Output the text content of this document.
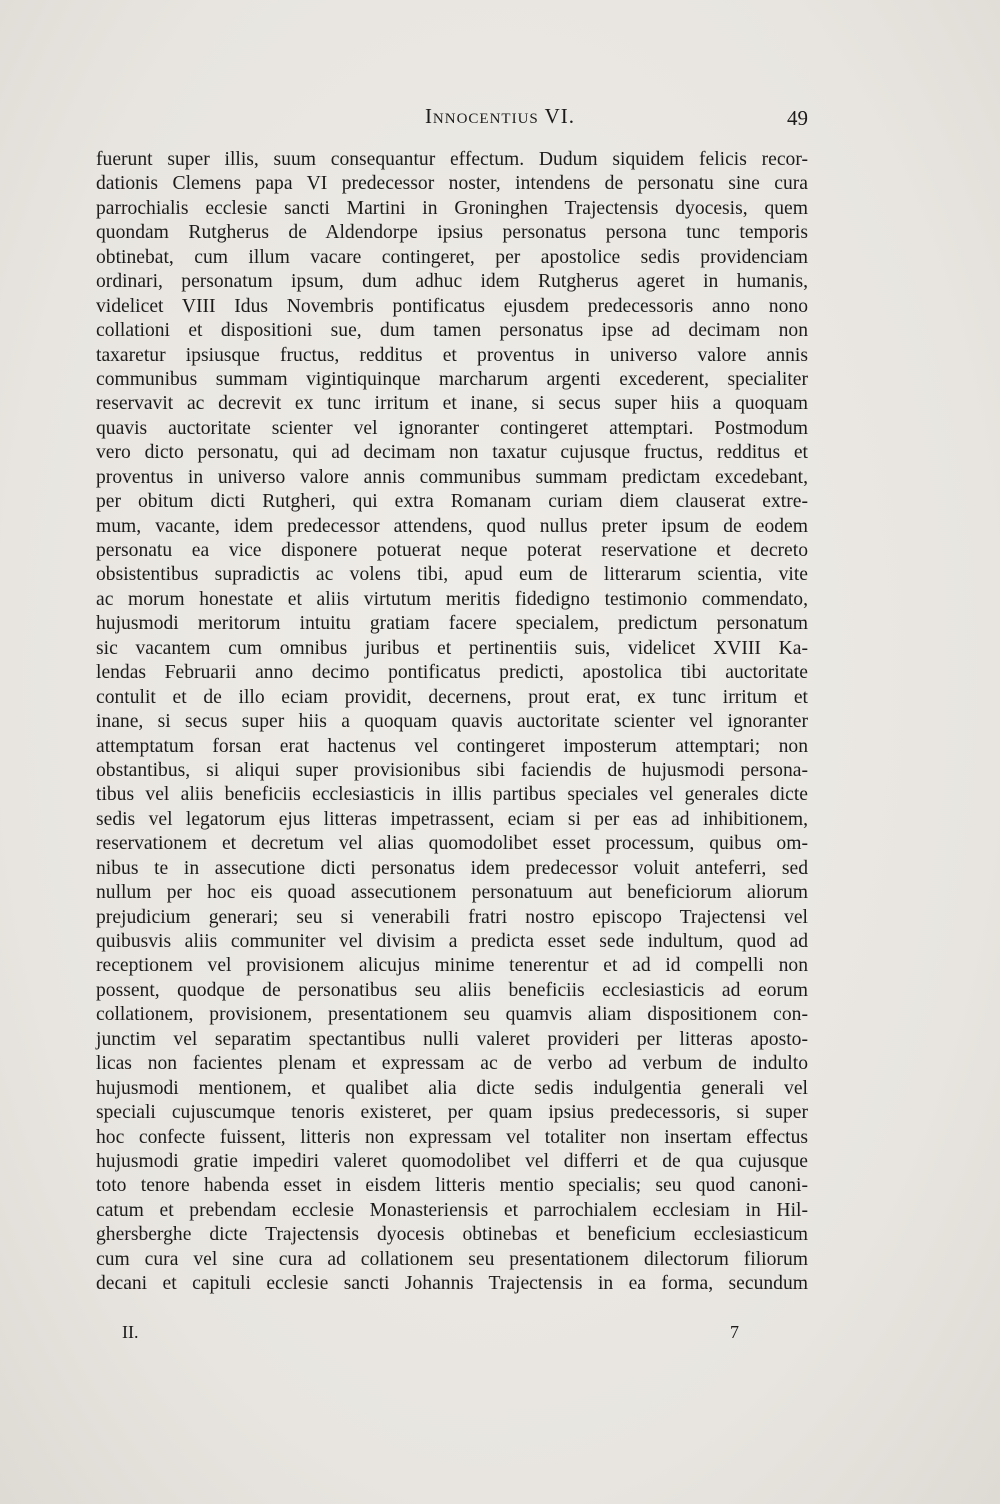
Innocentius VI.	49
fuerunt super illis, suum consequantur effectum. Dudum siquidem felicis recor-
dationis Clemens papa VI predecessor noster, intendens de personatu sine cura
parrochialis ecclesie sancti Martini in Groninghen Trajectensis dyocesis, quem
quondam Rutgherus de Aldendorpe ipsius personatus persona tunc temporis
obtinebat, cum illum vacare contingeret, per apostolice sedis providenciam
ordinari, personatum ipsum, dum adhuc idem Rutgherus ageret in humanis,
videlicet VIII Idus Novembris pontificatus ejusdem predecessoris anno nono
collationi et dispositioni sue, dum tamen personatus ipse ad decimam non
taxaretur ipsiusque fructus, redditus et proventus in universo valore annis
communibus summam vigintiquinque marcharum argenti excederent, specialiter
reservavit ac decrevit ex tunc irritum et inane, si secus super hiis a quoquam
quavis auctoritate scienter vel ignoranter contingeret attemptari. Postmodum
vero dicto personatu, qui ad decimam non taxatur cujusque fructus, redditus et
proventus in universo valore annis communibus summam predictam excedebant,
per obitum dicti Rutgheri, qui extra Romanam curiam diem clauserat extre-
mum, vacante, idem predecessor attendens, quod nullus preter ipsum de eodem
personatu ea vice disponere potuerat neque poterat reservatione et decreto
obsistentibus supradictis ac volens tibi, apud eum de litterarum scientia, vite
ac morum honestate et aliis virtutum meritis fidedigno testimonio commendato,
hujusmodi meritorum intuitu gratiam facere specialem, predictum personatum
sic vacantem cum omnibus juribus et pertinentiis suis, videlicet XVIII Ka-
lendas Februarii anno decimo pontificatus predicti, apostolica tibi auctoritate
contulit et de illo eciam providit, decernens, prout erat, ex tunc irritum et
inane, si secus super hiis a quoquam quavis auctoritate scienter vel ignoranter
attemptatum forsan erat hactenus vel contingeret imposterum attemptari; non
obstantibus, si aliqui super provisionibus sibi faciendis de hujusmodi persona-
tibus vel aliis beneficiis ecclesiasticis in illis partibus speciales vel generales dicte
sedis vel legatorum ejus litteras impetrassent, eciam si per eas ad inhibitionem,
reservationem et decretum vel alias quomodolibet esset processum, quibus om-
nibus te in assecutione dicti personatus idem predecessor voluit anteferri, sed
nullum per hoc eis quoad assecutionem personatuum aut beneficiorum aliorum
prejudicium generari; seu si venerabili fratri nostro episcopo Trajectensi vel
quibusvis aliis communiter vel divisim a predicta esset sede indultum, quod ad
receptionem vel provisionem alicujus minime tenerentur et ad id compelli non
possent, quodque de personatibus seu aliis beneficiis ecclesiasticis ad eorum
collationem, provisionem, presentationem seu quamvis aliam dispositionem con-
junctim vel separatim spectantibus nulli valeret provideri per litteras aposto-
licas non facientes plenam et expressam ac de verbo ad verbum de indulto
hujusmodi mentionem, et qualibet alia dicte sedis indulgentia generali vel
speciali cujuscumque tenoris existeret, per quam ipsius predecessoris, si super
hoc confecte fuissent, litteris non expressam vel totaliter non insertam effectus
hujusmodi gratie impediri valeret quomodolibet vel differri et de qua cujusque
toto tenore habenda esset in eisdem litteris mentio specialis; seu quod canoni-
catum et prebendam ecclesie Monasteriensis et parrochialem ecclesiam in Hil-
ghersberghe dicte Trajectensis dyocesis obtinebas et beneficium ecclesiasticum
cum cura vel sine cura ad collationem seu presentationem dilectorum filiorum
decani et capituli ecclesie sancti Johannis Trajectensis in ea forma, secundum
II.	7
